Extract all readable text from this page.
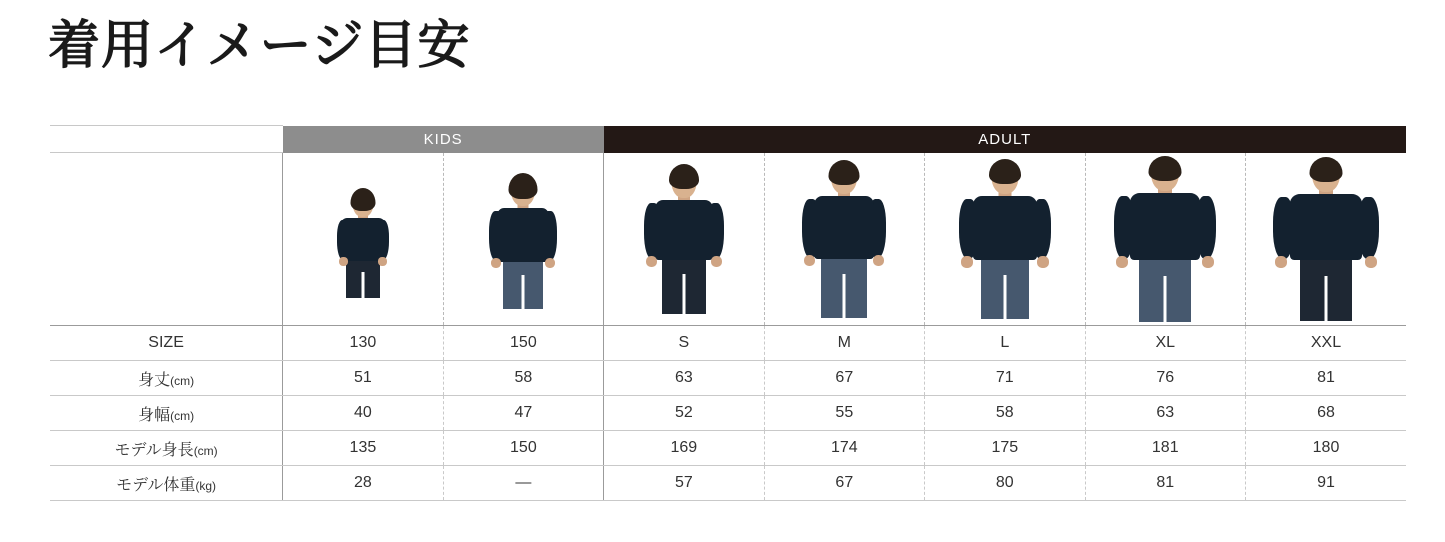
着用イメージ目安
	KIDS		ADULT				

SIZE	130	150	S	M	L	XL	XXL
身丈(cm)	51	58	63	67	71	76	81
身幅(cm)	40	47	52	55	58	63	68
モデル身長(cm)	135	150	169	174	175	181	180
モデル体重(kg)	28	—	57	67	80	81	91
